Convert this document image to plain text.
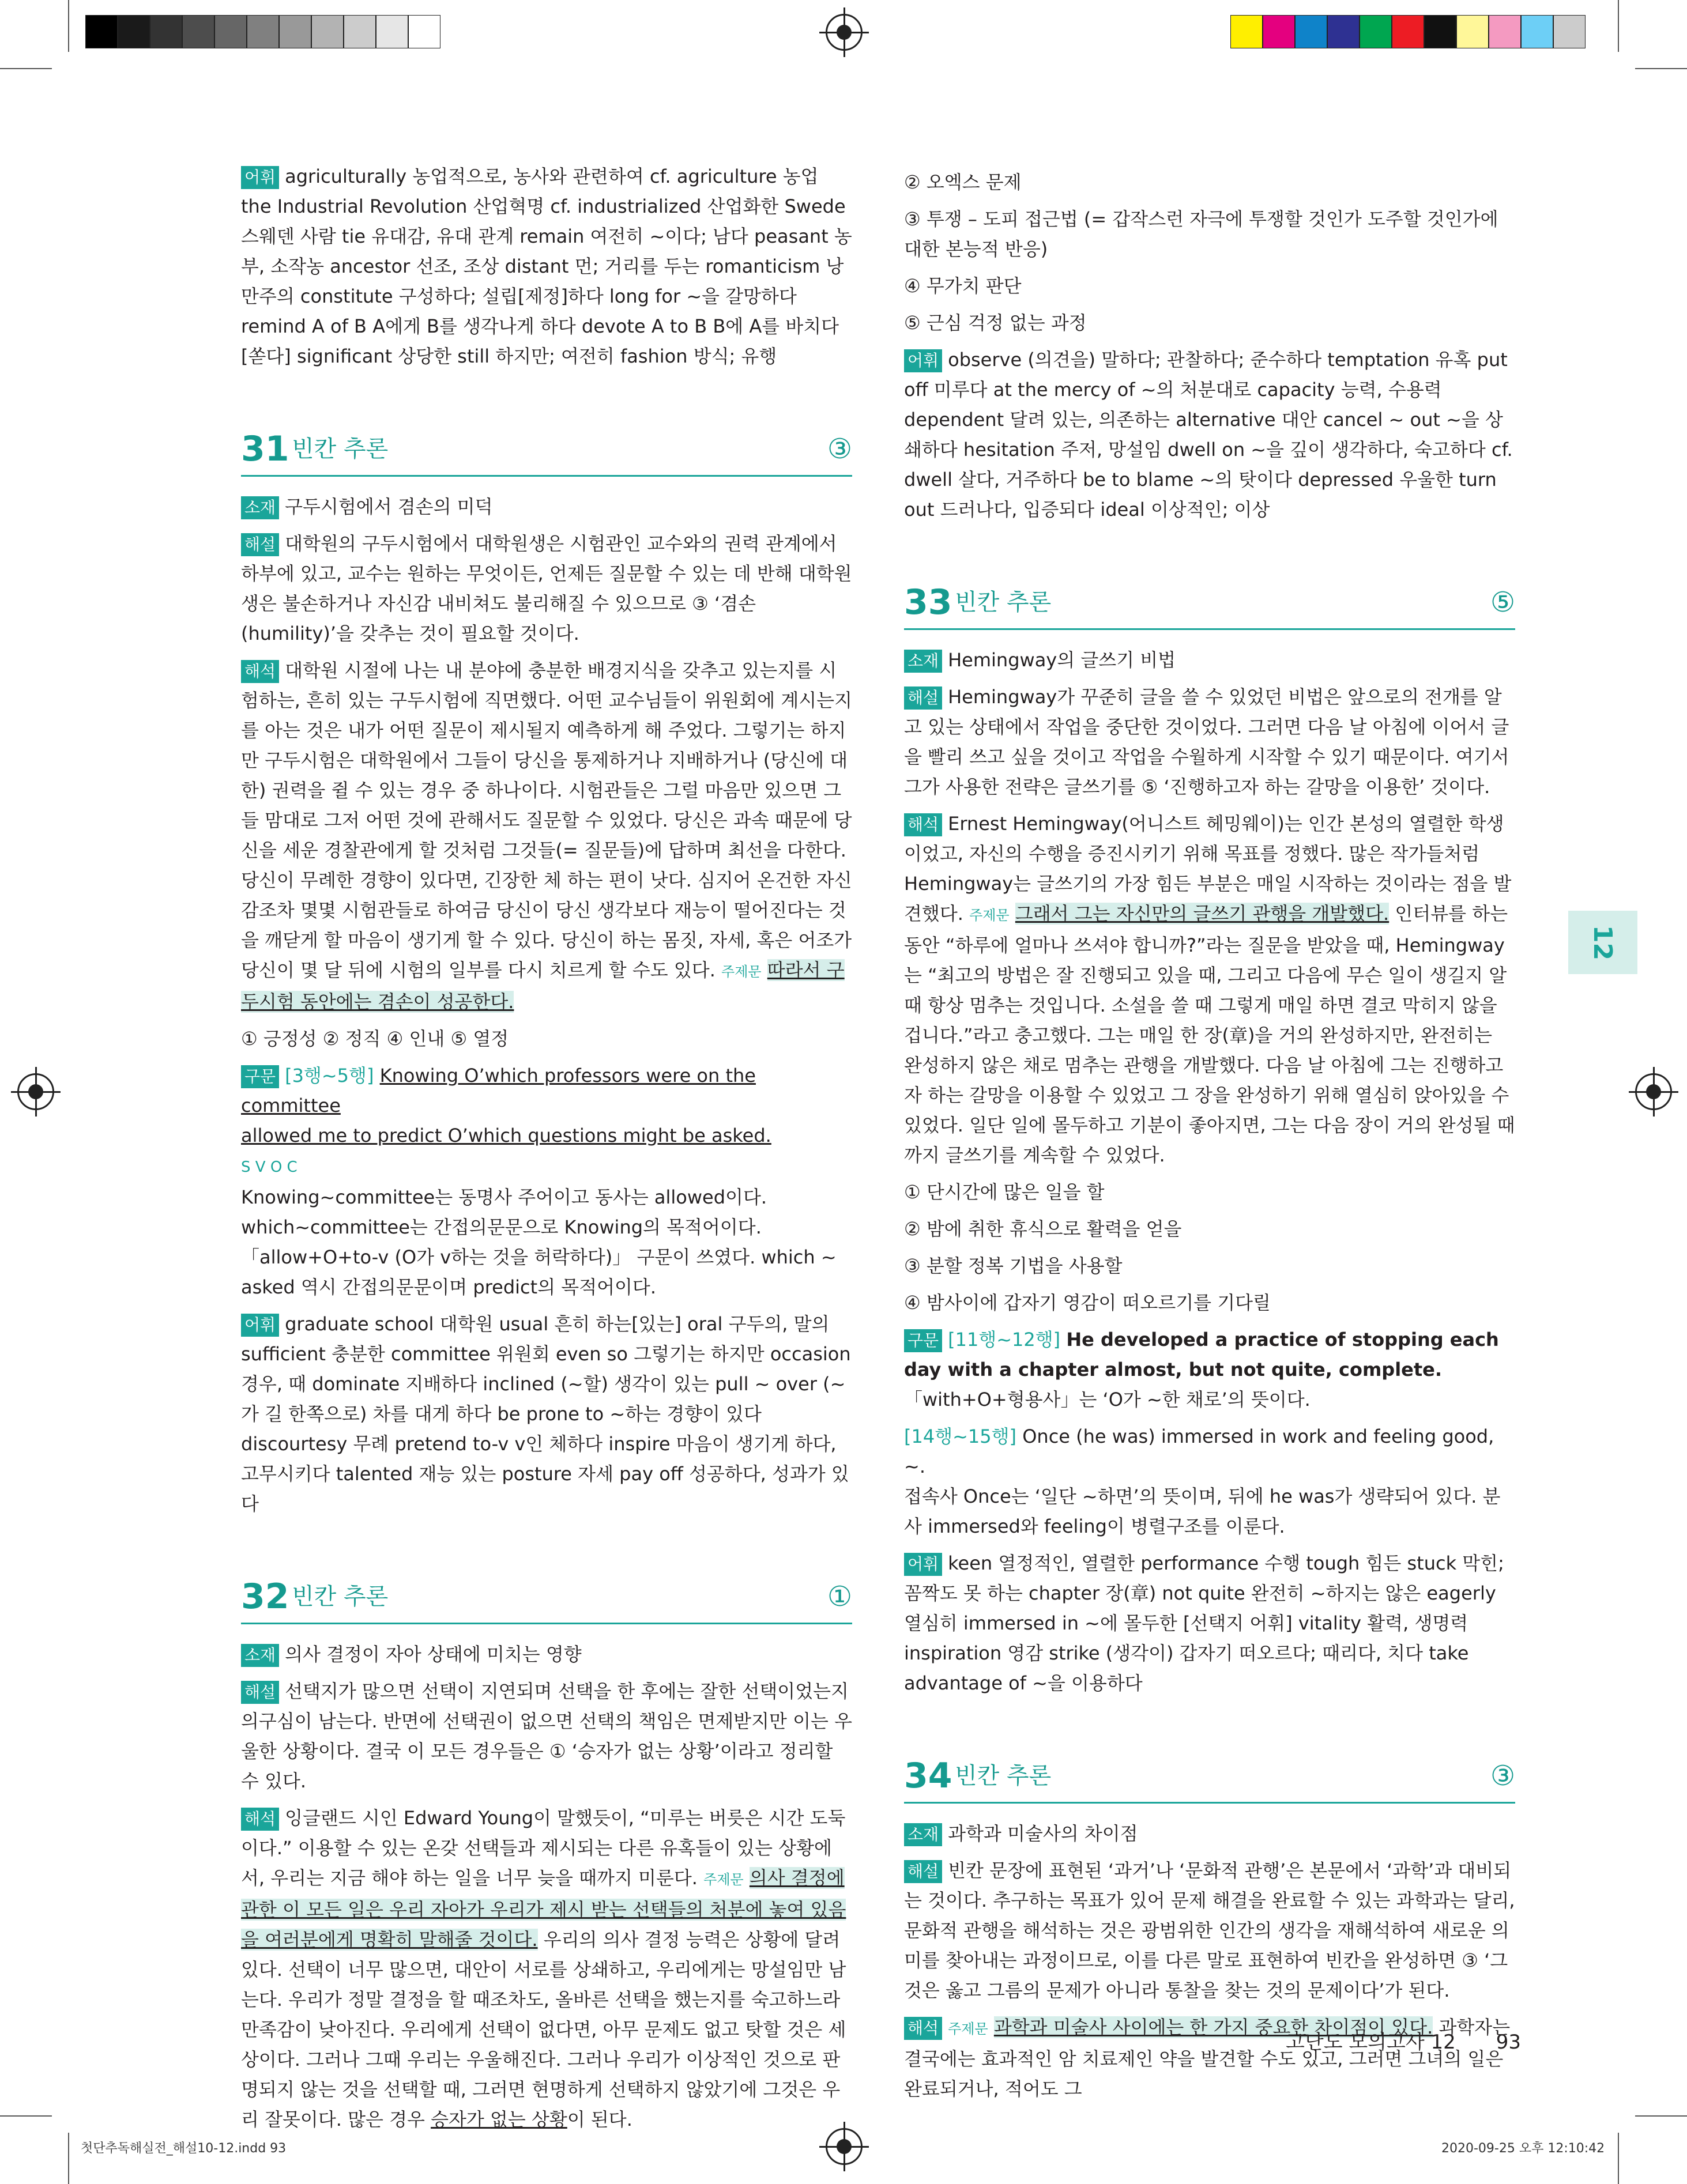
어휘 agriculturally 농업적으로, 농사와 관련하여 cf. agriculture 농업 the Industrial Revolution 산업혁명 cf. industrialized 산업화한 Swede 스웨덴 사람 tie 유대감, 유대 관계 remain 여전히 ~이다; 남다 peasant 농부, 소작농 ancestor 선조, 조상 distant 먼; 거리를 두는 romanticism 낭만주의 constitute 구성하다; 설립[제정]하다 long for ~을 갈망하다 remind A of B A에게 B를 생각나게 하다 devote A to B B에 A를 바치다[쏟다] significant 상당한 still 하지만; 여전히 fashion 방식; 유행

31 빈칸 추론	③

소재 구두시험에서 겸손의 미덕

해설 대학원의 구두시험에서 대학원생은 시험관인 교수와의 권력 관계에서 하부에 있고, 교수는 원하는 무엇이든, 언제든 질문할 수 있는 데 반해 대학원생은 불손하거나 자신감 내비쳐도 불리해질 수 있으므로 ③ ‘겸손(humility)’을 갖추는 것이 필요할 것이다.

해석 대학원 시절에 나는 내 분야에 충분한 배경지식을 갖추고 있는지를 시험하는, 흔히 있는 구두시험에 직면했다. 어떤 교수님들이 위원회에 계시는지를 아는 것은 내가 어떤 질문이 제시될지 예측하게 해 주었다. 그렇기는 하지만 구두시험은 대학원에서 그들이 당신을 통제하거나 지배하거나 (당신에 대한) 권력을 쥘 수 있는 경우 중 하나이다. 시험관들은 그럴 마음만 있으면 그들 맘대로 그저 어떤 것에 관해서도 질문할 수 있었다. 당신은 과속 때문에 당신을 세운 경찰관에게 할 것처럼 그것들(= 질문들)에 답하며 최선을 다한다. 당신이 무례한 경향이 있다면, 긴장한 체 하는 편이 낫다. 심지어 온건한 자신감조차 몇몇 시험관들로 하여금 당신이 당신 생각보다 재능이 떨어진다는 것을 깨닫게 할 마음이 생기게 할 수 있다. 당신이 하는 몸짓, 자세, 혹은 어조가 당신이 몇 달 뒤에 시험의 일부를 다시 치르게 할 수도 있다. 주제문 따라서 구두시험 동안에는 겸손이 성공한다.

① 긍정성 ② 정직 ④ 인내 ⑤ 열정

구문 [3행~5행] Knowing O’which professors were on the committee
allowed me to predict O’which questions might be asked.
S V O C
Knowing~committee는 동명사 주어이고 동사는 allowed이다. which~committee는 간접의문문으로 Knowing의 목적어이다. 「allow+O+to-v (O가 v하는 것을 허락하다)」 구문이 쓰였다. which ~ asked 역시 간접의문문이며 predict의 목적어이다.

어휘 graduate school 대학원 usual 흔히 하는[있는] oral 구두의, 말의 sufficient 충분한 committee 위원회 even so 그렇기는 하지만 occasion 경우, 때 dominate 지배하다 inclined (~할) 생각이 있는 pull ~ over (~가 길 한쪽으로) 차를 대게 하다 be prone to ~하는 경향이 있다 discourtesy 무례 pretend to-v v인 체하다 inspire 마음이 생기게 하다, 고무시키다 talented 재능 있는 posture 자세 pay off 성공하다, 성과가 있다

32 빈칸 추론	①

소재 의사 결정이 자아 상태에 미치는 영향

해설 선택지가 많으면 선택이 지연되며 선택을 한 후에는 잘한 선택이었는지 의구심이 남는다. 반면에 선택권이 없으면 선택의 책임은 면제받지만 이는 우울한 상황이다. 결국 이 모든 경우들은 ① ‘승자가 없는 상황’이라고 정리할 수 있다.

해석 잉글랜드 시인 Edward Young이 말했듯이, “미루는 버릇은 시간 도둑이다.” 이용할 수 있는 온갖 선택들과 제시되는 다른 유혹들이 있는 상황에서, 우리는 지금 해야 하는 일을 너무 늦을 때까지 미룬다. 주제문 의사 결정에 관한 이 모든 일은 우리 자아가 우리가 제시 받는 선택들의 처분에 놓여 있음을 여러분에게 명확히 말해줄 것이다. 우리의 의사 결정 능력은 상황에 달려있다. 선택이 너무 많으면, 대안이 서로를 상쇄하고, 우리에게는 망설임만 남는다. 우리가 정말 결정을 할 때조차도, 올바른 선택을 했는지를 숙고하느라 만족감이 낮아진다. 우리에게 선택이 없다면, 아무 문제도 없고 탓할 것은 세상이다. 그러나 그때 우리는 우울해진다. 그러나 우리가 이상적인 것으로 판명되지 않는 것을 선택할 때, 그러면 현명하게 선택하지 않았기에 그것은 우리 잘못이다. 많은 경우 승자가 없는 상황이 된다.

② 오엑스 문제

③ 투쟁 – 도피 접근법 (= 갑작스런 자극에 투쟁할 것인가 도주할 것인가에 대한 본능적 반응)

④ 무가치 판단

⑤ 근심 걱정 없는 과정

어휘 observe (의견을) 말하다; 관찰하다; 준수하다 temptation 유혹 put off 미루다 at the mercy of ~의 처분대로 capacity 능력, 수용력 dependent 달려 있는, 의존하는 alternative 대안 cancel ~ out ~을 상쇄하다 hesitation 주저, 망설임 dwell on ~을 깊이 생각하다, 숙고하다 cf. dwell 살다, 거주하다 be to blame ~의 탓이다 depressed 우울한 turn out 드러나다, 입증되다 ideal 이상적인; 이상

33 빈칸 추론	⑤

소재 Hemingway의 글쓰기 비법

해설 Hemingway가 꾸준히 글을 쓸 수 있었던 비법은 앞으로의 전개를 알고 있는 상태에서 작업을 중단한 것이었다. 그러면 다음 날 아침에 이어서 글을 빨리 쓰고 싶을 것이고 작업을 수월하게 시작할 수 있기 때문이다. 여기서 그가 사용한 전략은 글쓰기를 ⑤ ‘진행하고자 하는 갈망을 이용한’ 것이다.

해석 Ernest Hemingway(어니스트 헤밍웨이)는 인간 본성의 열렬한 학생이었고, 자신의 수행을 증진시키기 위해 목표를 정했다. 많은 작가들처럼 Hemingway는 글쓰기의 가장 힘든 부분은 매일 시작하는 것이라는 점을 발견했다. 주제문 그래서 그는 자신만의 글쓰기 관행을 개발했다. 인터뷰를 하는 동안 “하루에 얼마나 쓰셔야 합니까?”라는 질문을 받았을 때, Hemingway는 “최고의 방법은 잘 진행되고 있을 때, 그리고 다음에 무슨 일이 생길지 알 때 항상 멈추는 것입니다. 소설을 쓸 때 그렇게 매일 하면 결코 막히지 않을 겁니다.”라고 충고했다. 그는 매일 한 장(章)을 거의 완성하지만, 완전히는 완성하지 않은 채로 멈추는 관행을 개발했다. 다음 날 아침에 그는 진행하고자 하는 갈망을 이용할 수 있었고 그 장을 완성하기 위해 열심히 앉아있을 수 있었다. 일단 일에 몰두하고 기분이 좋아지면, 그는 다음 장이 거의 완성될 때까지 글쓰기를 계속할 수 있었다.

① 단시간에 많은 일을 할

② 밤에 취한 휴식으로 활력을 얻을

③ 분할 정복 기법을 사용할

④ 밤사이에 갑자기 영감이 떠오르기를 기다릴

구문 [11행~12행] He developed a practice of stopping each day with a chapter almost, but not quite, complete.
「with+O+형용사」는 ‘O가 ~한 채로’의 뜻이다.

[14행~15행] Once (he was) immersed in work and feeling good, ~.
접속사 Once는 ‘일단 ~하면’의 뜻이며, 뒤에 he was가 생략되어 있다. 분사 immersed와 feeling이 병렬구조를 이룬다.

어휘 keen 열정적인, 열렬한 performance 수행 tough 힘든 stuck 막힌; 꼼짝도 못 하는 chapter 장(章) not quite 완전히 ~하지는 않은 eagerly 열심히 immersed in ~에 몰두한 [선택지 어휘] vitality 활력, 생명력 inspiration 영감 strike (생각이) 갑자기 떠오르다; 때리다, 치다 take advantage of ~을 이용하다

34 빈칸 추론	③

소재 과학과 미술사의 차이점

해설 빈칸 문장에 표현된 ‘과거’나 ‘문화적 관행’은 본문에서 ‘과학’과 대비되는 것이다. 추구하는 목표가 있어 문제 해결을 완료할 수 있는 과학과는 달리, 문화적 관행을 해석하는 것은 광범위한 인간의 생각을 재해석하여 새로운 의미를 찾아내는 과정이므로, 이를 다른 말로 표현하여 빈칸을 완성하면 ③ ‘그것은 옳고 그름의 문제가 아니라 통찰을 찾는 것의 문제이다’가 된다.

해석 주제문 과학과 미술사 사이에는 한 가지 중요한 차이점이 있다. 과학자는 결국에는 효과적인 암 치료제인 약을 발견할 수도 있고, 그러면 그녀의 일은 완료되거나, 적어도 그

12
고난도 모의고사 12 93
첫단추독해실전_해설10-12.indd 93	2020-09-25 오후 12:10:42
